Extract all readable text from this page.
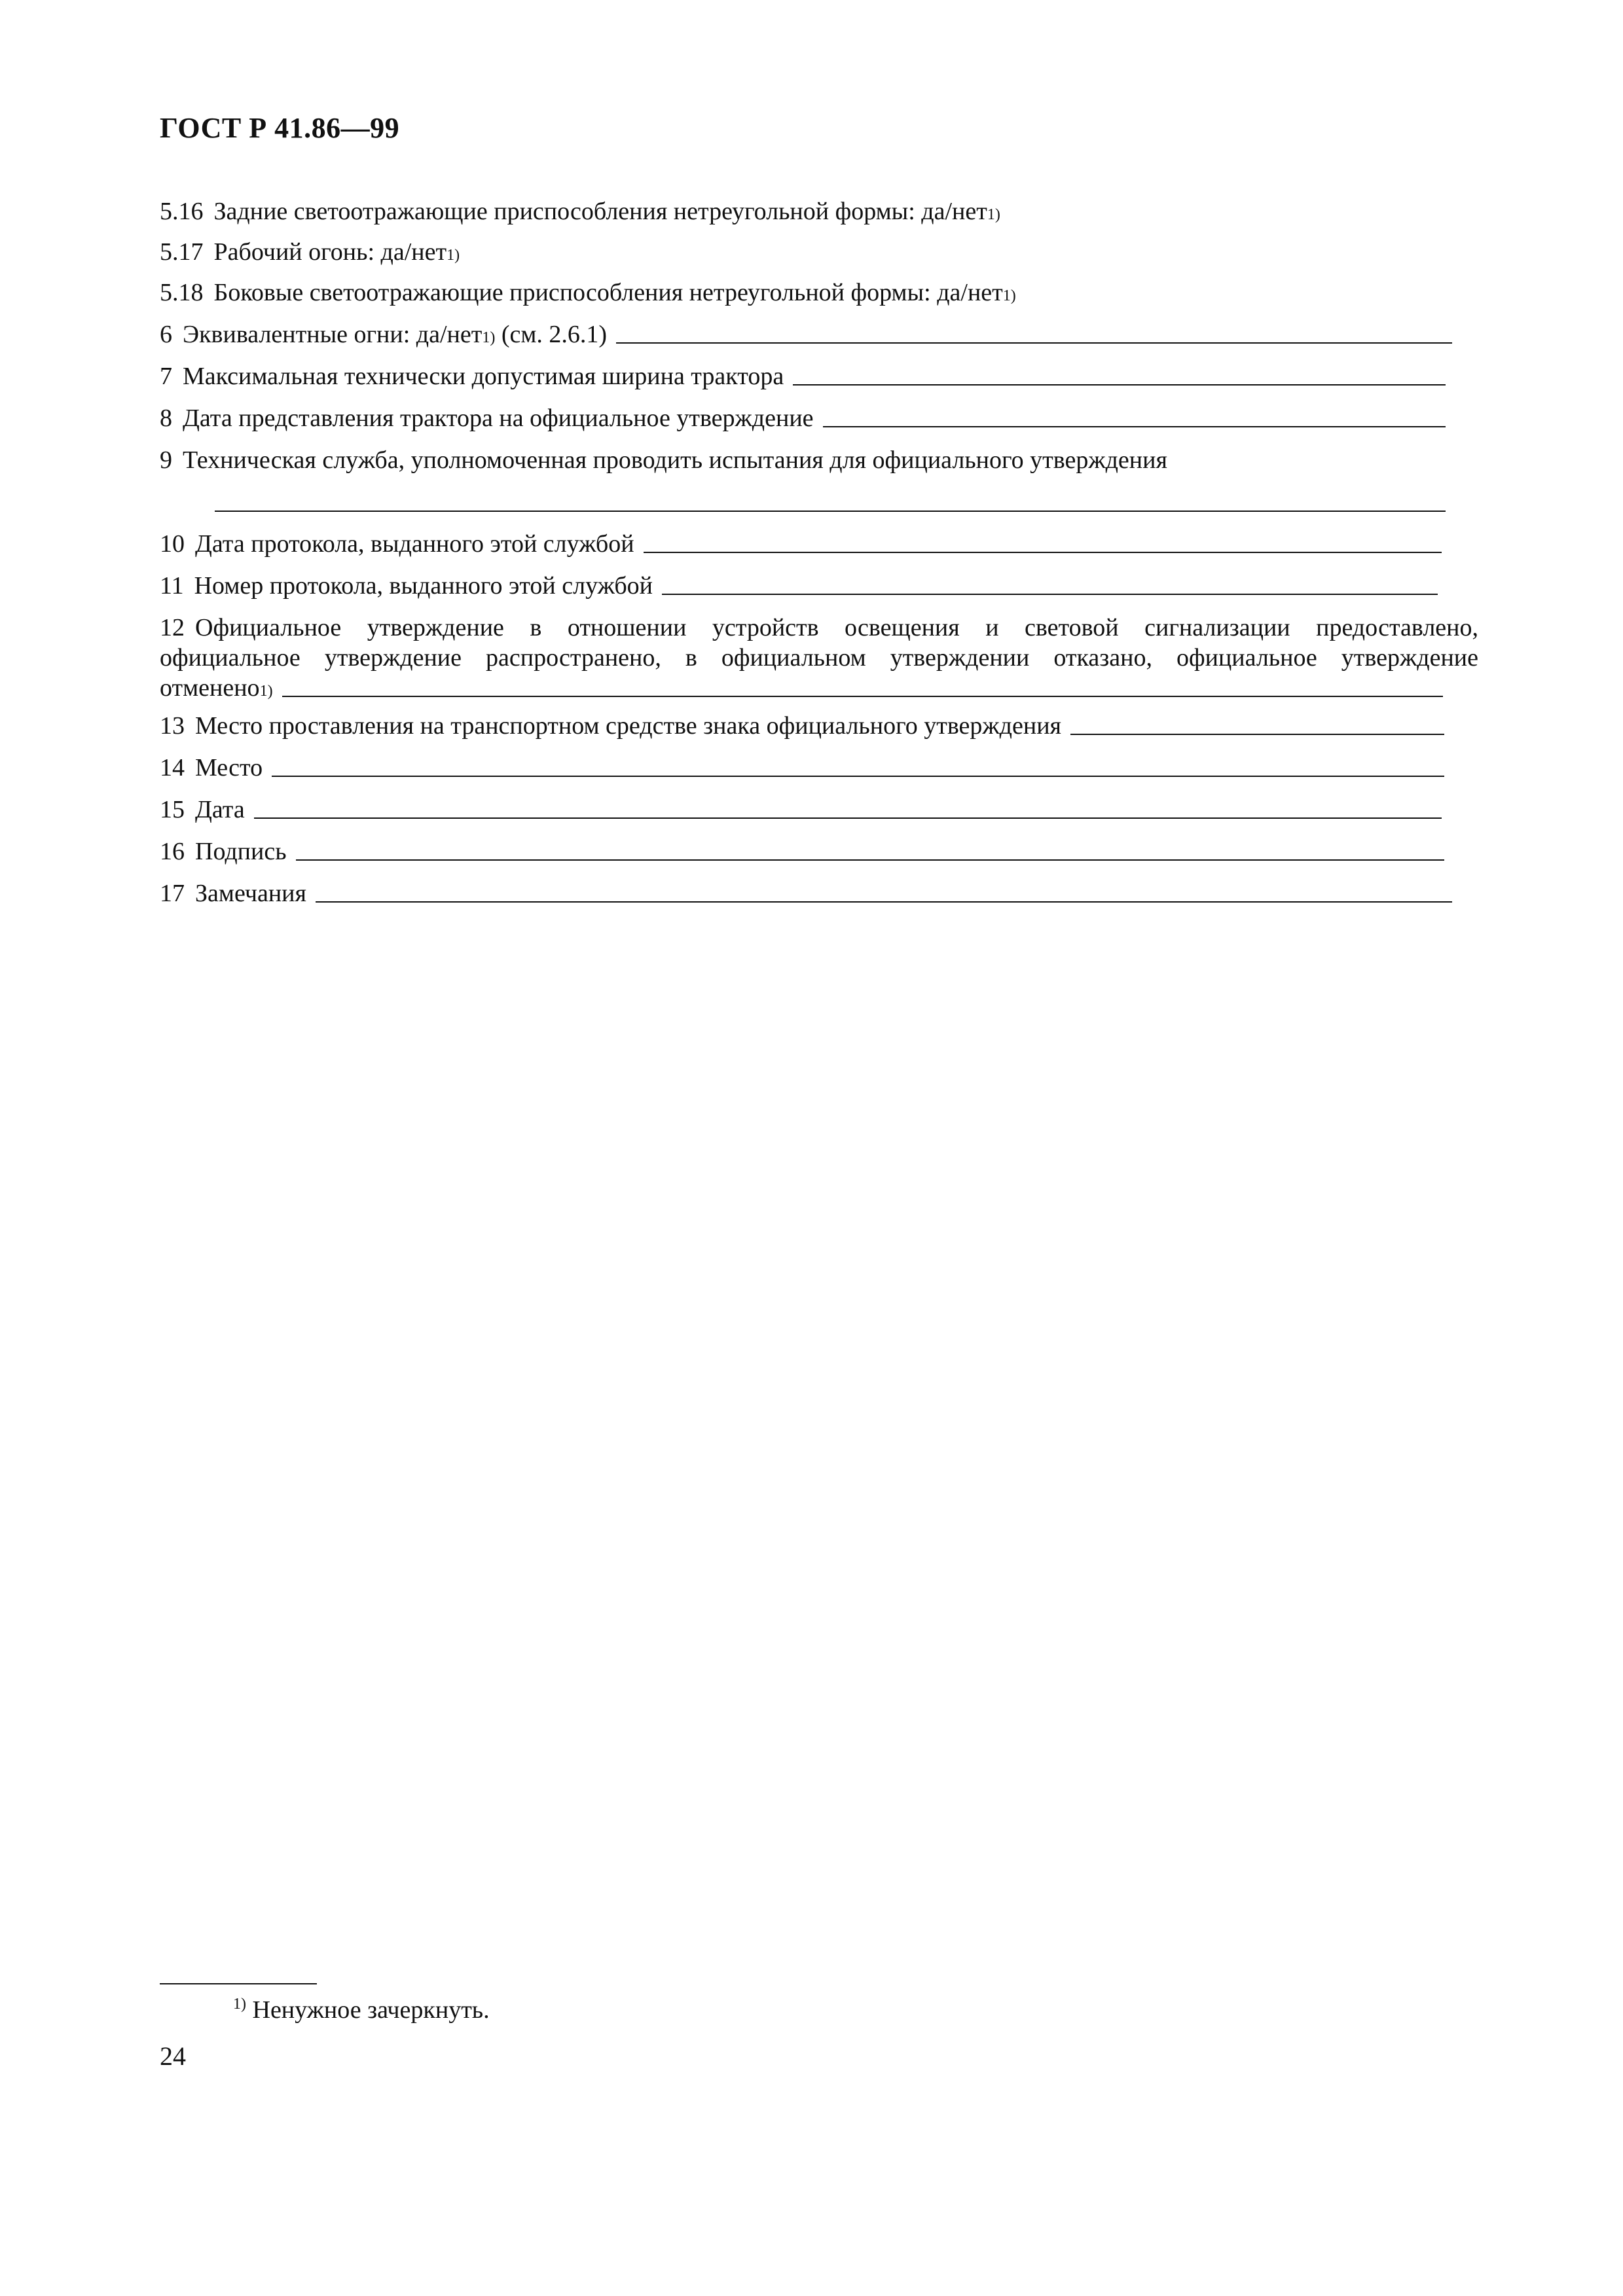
ГОСТ Р 41.86—99
5.16 Задние светоотражающие приспособления нетреугольной формы: да/нет 1)
5.17 Рабочий огонь: да/нет 1)
5.18 Боковые светоотражающие приспособления нетреугольной формы: да/нет 1)
6 Эквивалентные огни: да/нет 1)
(см. 2.6.1)
7 Максимальная технически допустимая ширина трактора
8 Дата представления трактора на официальное утверждение
9 Техническая служба, уполномоченная проводить испытания для официального утверждения
10 Дата протокола, выданного этой службой
11 Номер протокола, выданного этой службой
12 Официальное утверждение в отношении устройств освещения и световой сигнализации предоставлено,
официальное утверждение распространено, в официальном утверждении отказано, официальное утверждение
отменено 1)
13 Место проставления на транспортном средстве знака официального утверждения
14 Место
15 Дата
16 Подпись
17 Замечания
$^{1)}$ Ненужное зачеркнуть.
24
